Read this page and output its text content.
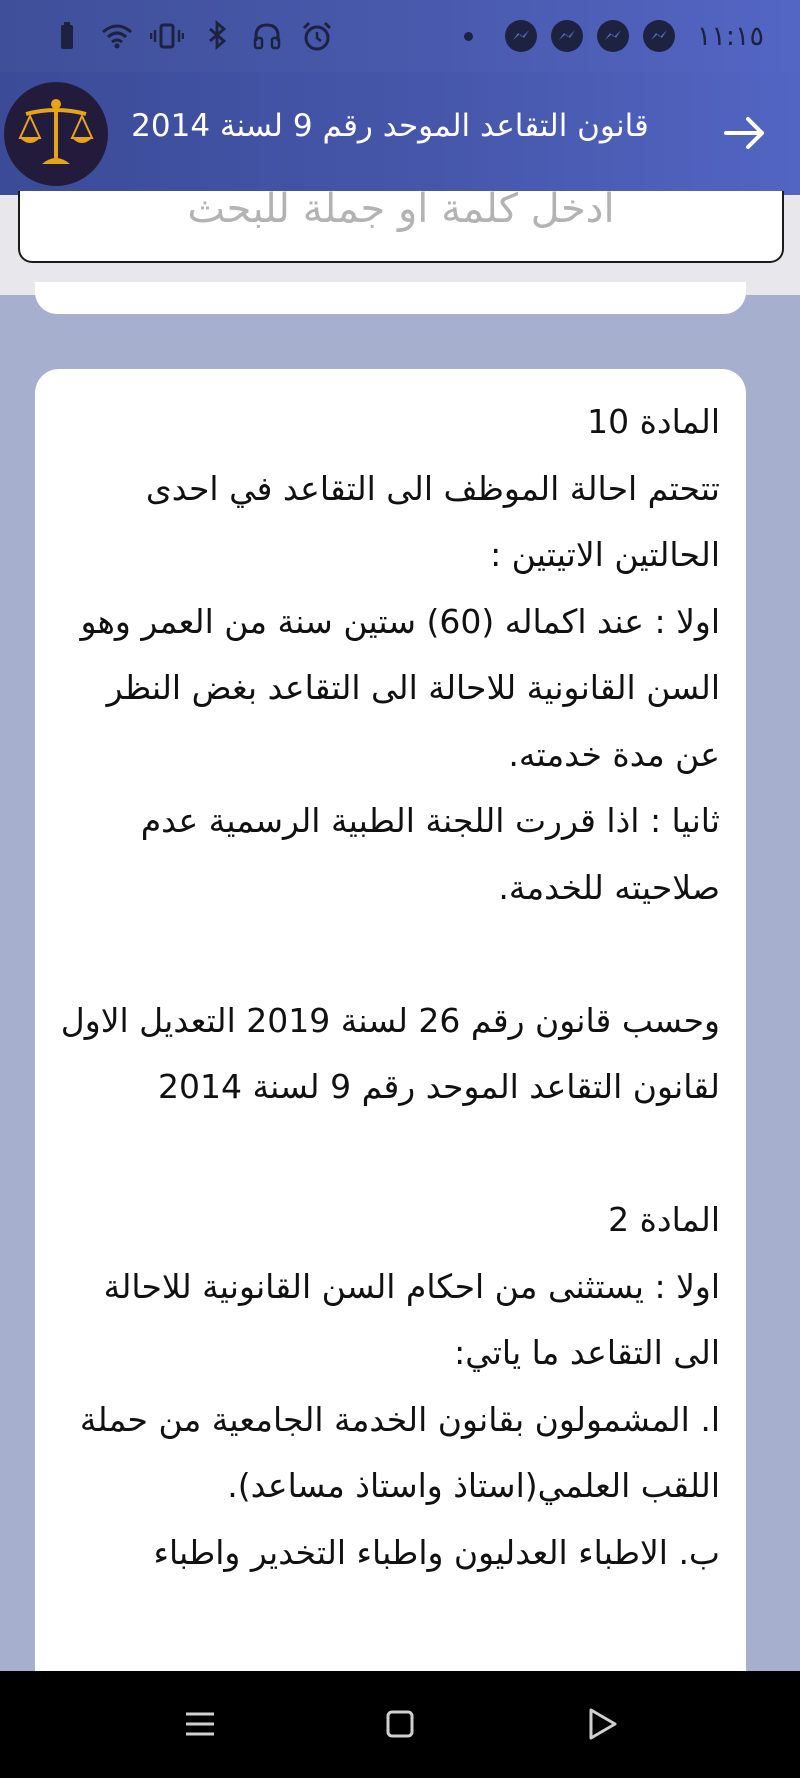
١١:١٥
قانون التقاعد الموحد رقم 9 لسنة 2014
ادخل كلمة او جملة للبحث

المادة 10

تتحتم احالة الموظف الى التقاعد في احدى الحالتين الاتيتين :

اولا : عند اكماله (60) ستين سنة من العمر وهو السن القانونية للاحالة الى التقاعد بغض النظر عن مدة خدمته.

ثانيا : اذا قررت اللجنة الطبية الرسمية عدم صلاحيته للخدمة.

وحسب قانون رقم 26 لسنة 2019 التعديل الاول لقانون التقاعد الموحد رقم 9 لسنة 2014

المادة 2

اولا : يستثنى من احكام السن القانونية للاحالة الى التقاعد ما ياتي:

ا. المشمولون بقانون الخدمة الجامعية من حملة اللقب العلمي(استاذ واستاذ مساعد).

ب. الاطباء العدليون واطباء التخدير واطباء
